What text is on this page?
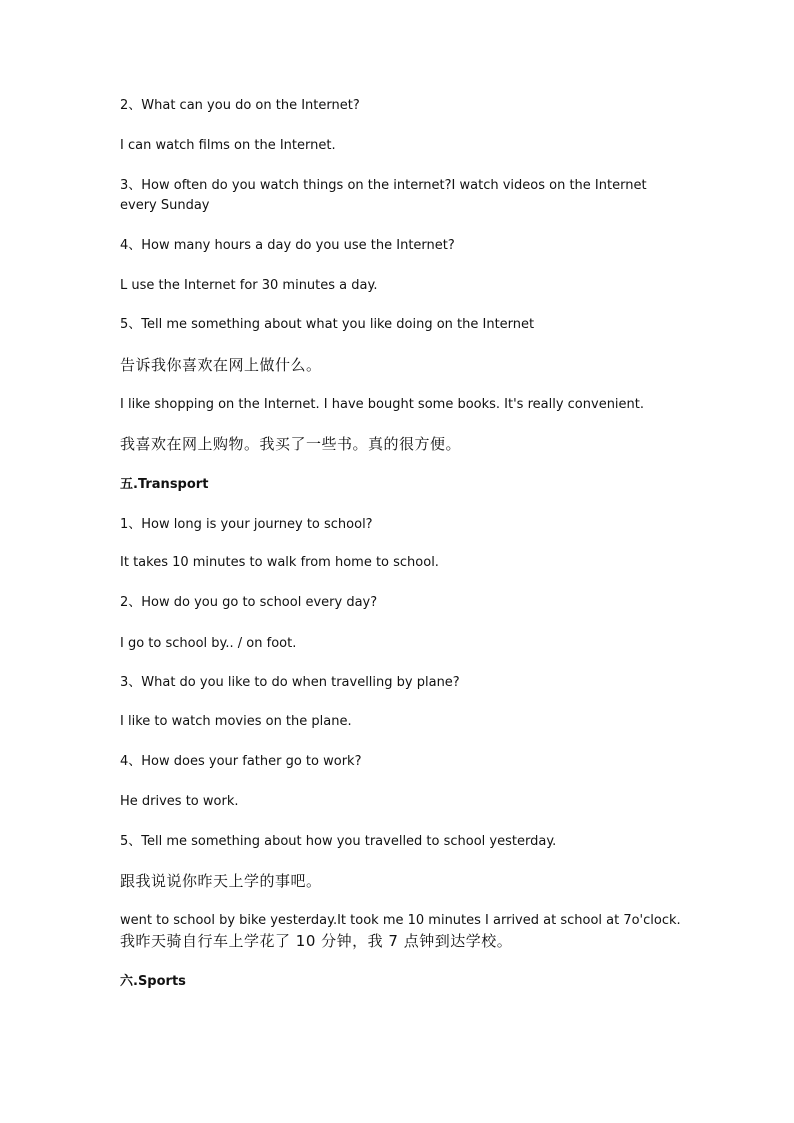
2、What can you do on the Internet?
I can watch films on the Internet.
3、How often do you watch things on the internet?I watch videos on the Internet every Sunday
4、How many hours a day do you use the Internet?
L use the Internet for 30 minutes a day.
5、Tell me something about what you like doing on the Internet
告诉我你喜欢在网上做什么。
I like shopping on the Internet. I have bought some books. It's really convenient.
我喜欢在网上购物。我买了一些书。真的很方便。
五.Transport
1、How long is your journey to school?
It takes 10 minutes to walk from home to school.
2、How do you go to school every day?
I go to school by.. / on foot.
3、What do you like to do when travelling by plane?
I like to watch movies on the plane.
4、How does your father go to work?
He drives to work.
5、Tell me something about how you travelled to school yesterday.
跟我说说你昨天上学的事吧。
went to school by bike yesterday.It took me 10 minutes I arrived at school at 7o'clock.
我昨天骑自行车上学花了 10 分钟，我 7 点钟到达学校。
六.Sports
